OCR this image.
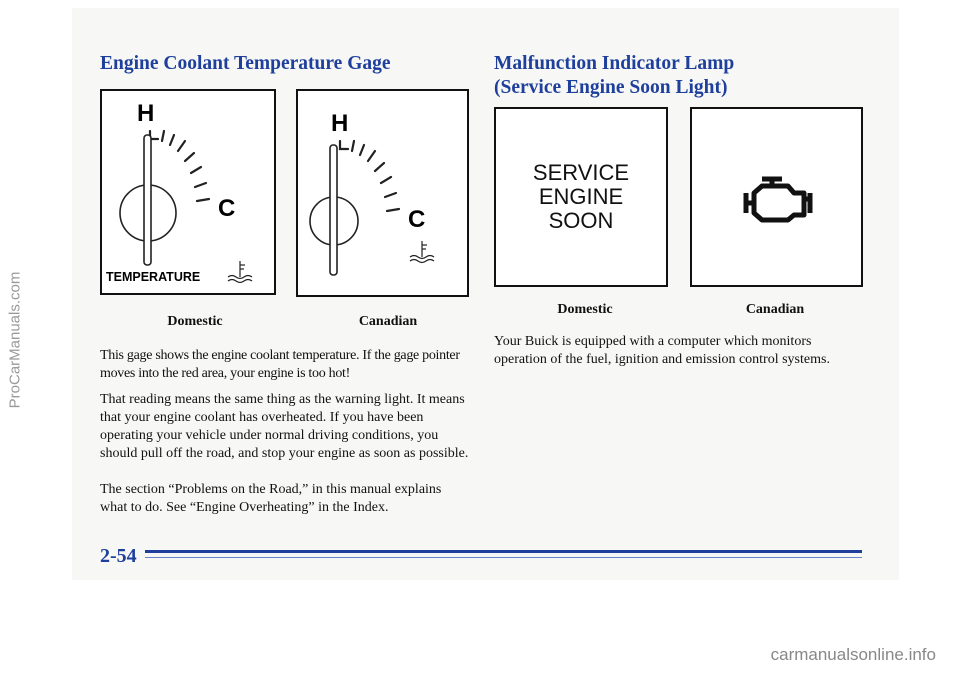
Engine Coolant Temperature Gage
H
C
TEMPERATURE
H
C
Domestic	Canadian

This gage shows the engine coolant temperature. If the gage pointer moves into the red area, your engine is too hot!

That reading means the same thing as the warning light. It means that your engine coolant has overheated. If you have been operating your vehicle under normal driving conditions, you should pull off the road, and stop your engine as soon as possible.

The section “Problems on the Road,” in this manual explains what to do. See “Engine Overheating” in the Index.

Malfunction Indicator Lamp
(Service Engine Soon Light)
SERVICE
ENGINE
SOON
Domestic	Canadian

Your Buick is equipped with a computer which monitors operation of the fuel, ignition and emission control systems.

2-54
ProCarManuals.com
carmanualsonline.info
